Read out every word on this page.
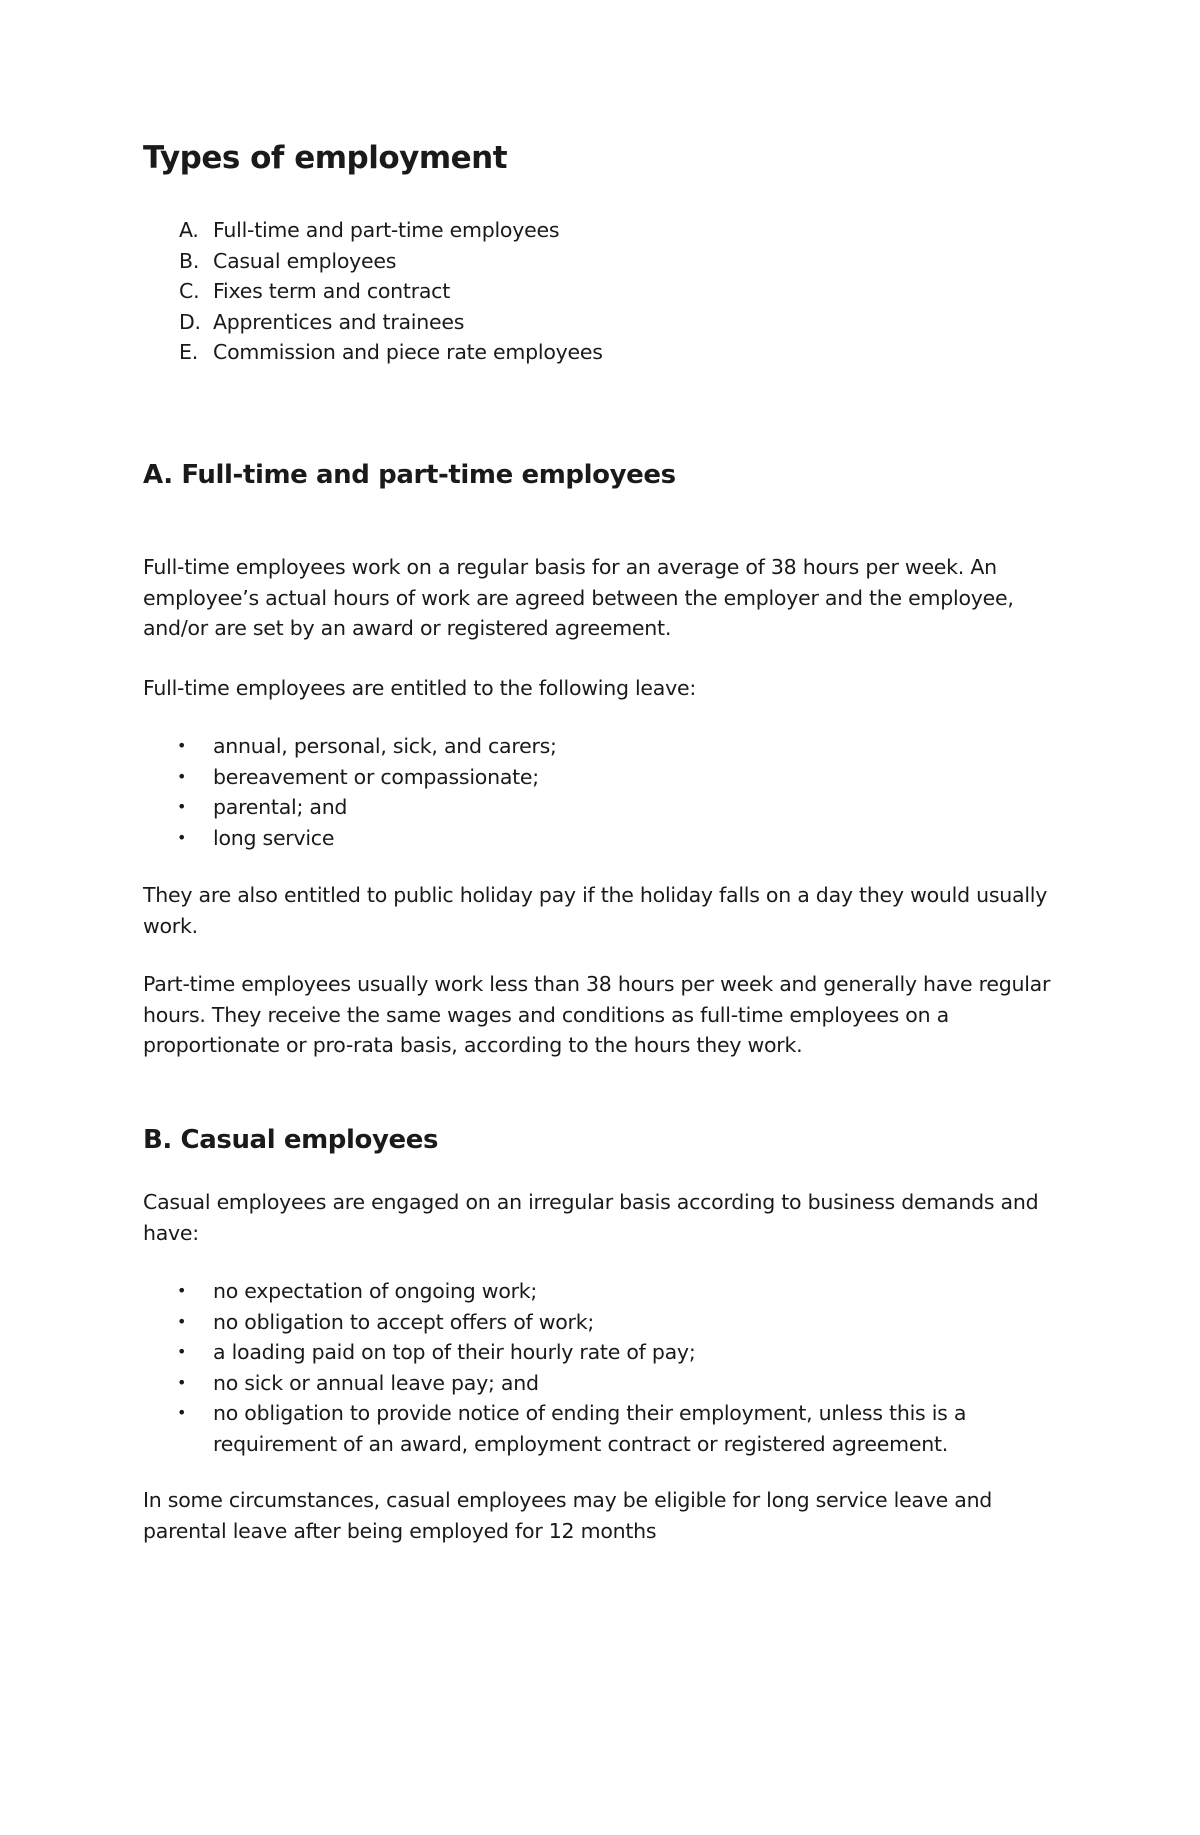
Types of employment
A. Full-time and part-time employees
B. Casual employees
C. Fixes term and contract
D. Apprentices and trainees
E. Commission and piece rate employees
A. Full-time and part-time employees

Full-time employees work on a regular basis for an average of 38 hours per week. An employee’s actual hours of work are agreed between the employer and the employee, and/or are set by an award or registered agreement.

Full-time employees are entitled to the following leave:

• annual, personal, sick, and carers;
• bereavement or compassionate;
• parental; and
• long service

They are also entitled to public holiday pay if the holiday falls on a day they would usually work.

Part-time employees usually work less than 38 hours per week and generally have regular hours. They receive the same wages and conditions as full-time employees on a proportionate or pro-rata basis, according to the hours they work.

B. Casual employees

Casual employees are engaged on an irregular basis according to business demands and have:

• no expectation of ongoing work;
• no obligation to accept offers of work;
• a loading paid on top of their hourly rate of pay;
• no sick or annual leave pay; and
• no obligation to provide notice of ending their employment, unless this is a requirement of an award, employment contract or registered agreement.

In some circumstances, casual employees may be eligible for long service leave and parental leave after being employed for 12 months
